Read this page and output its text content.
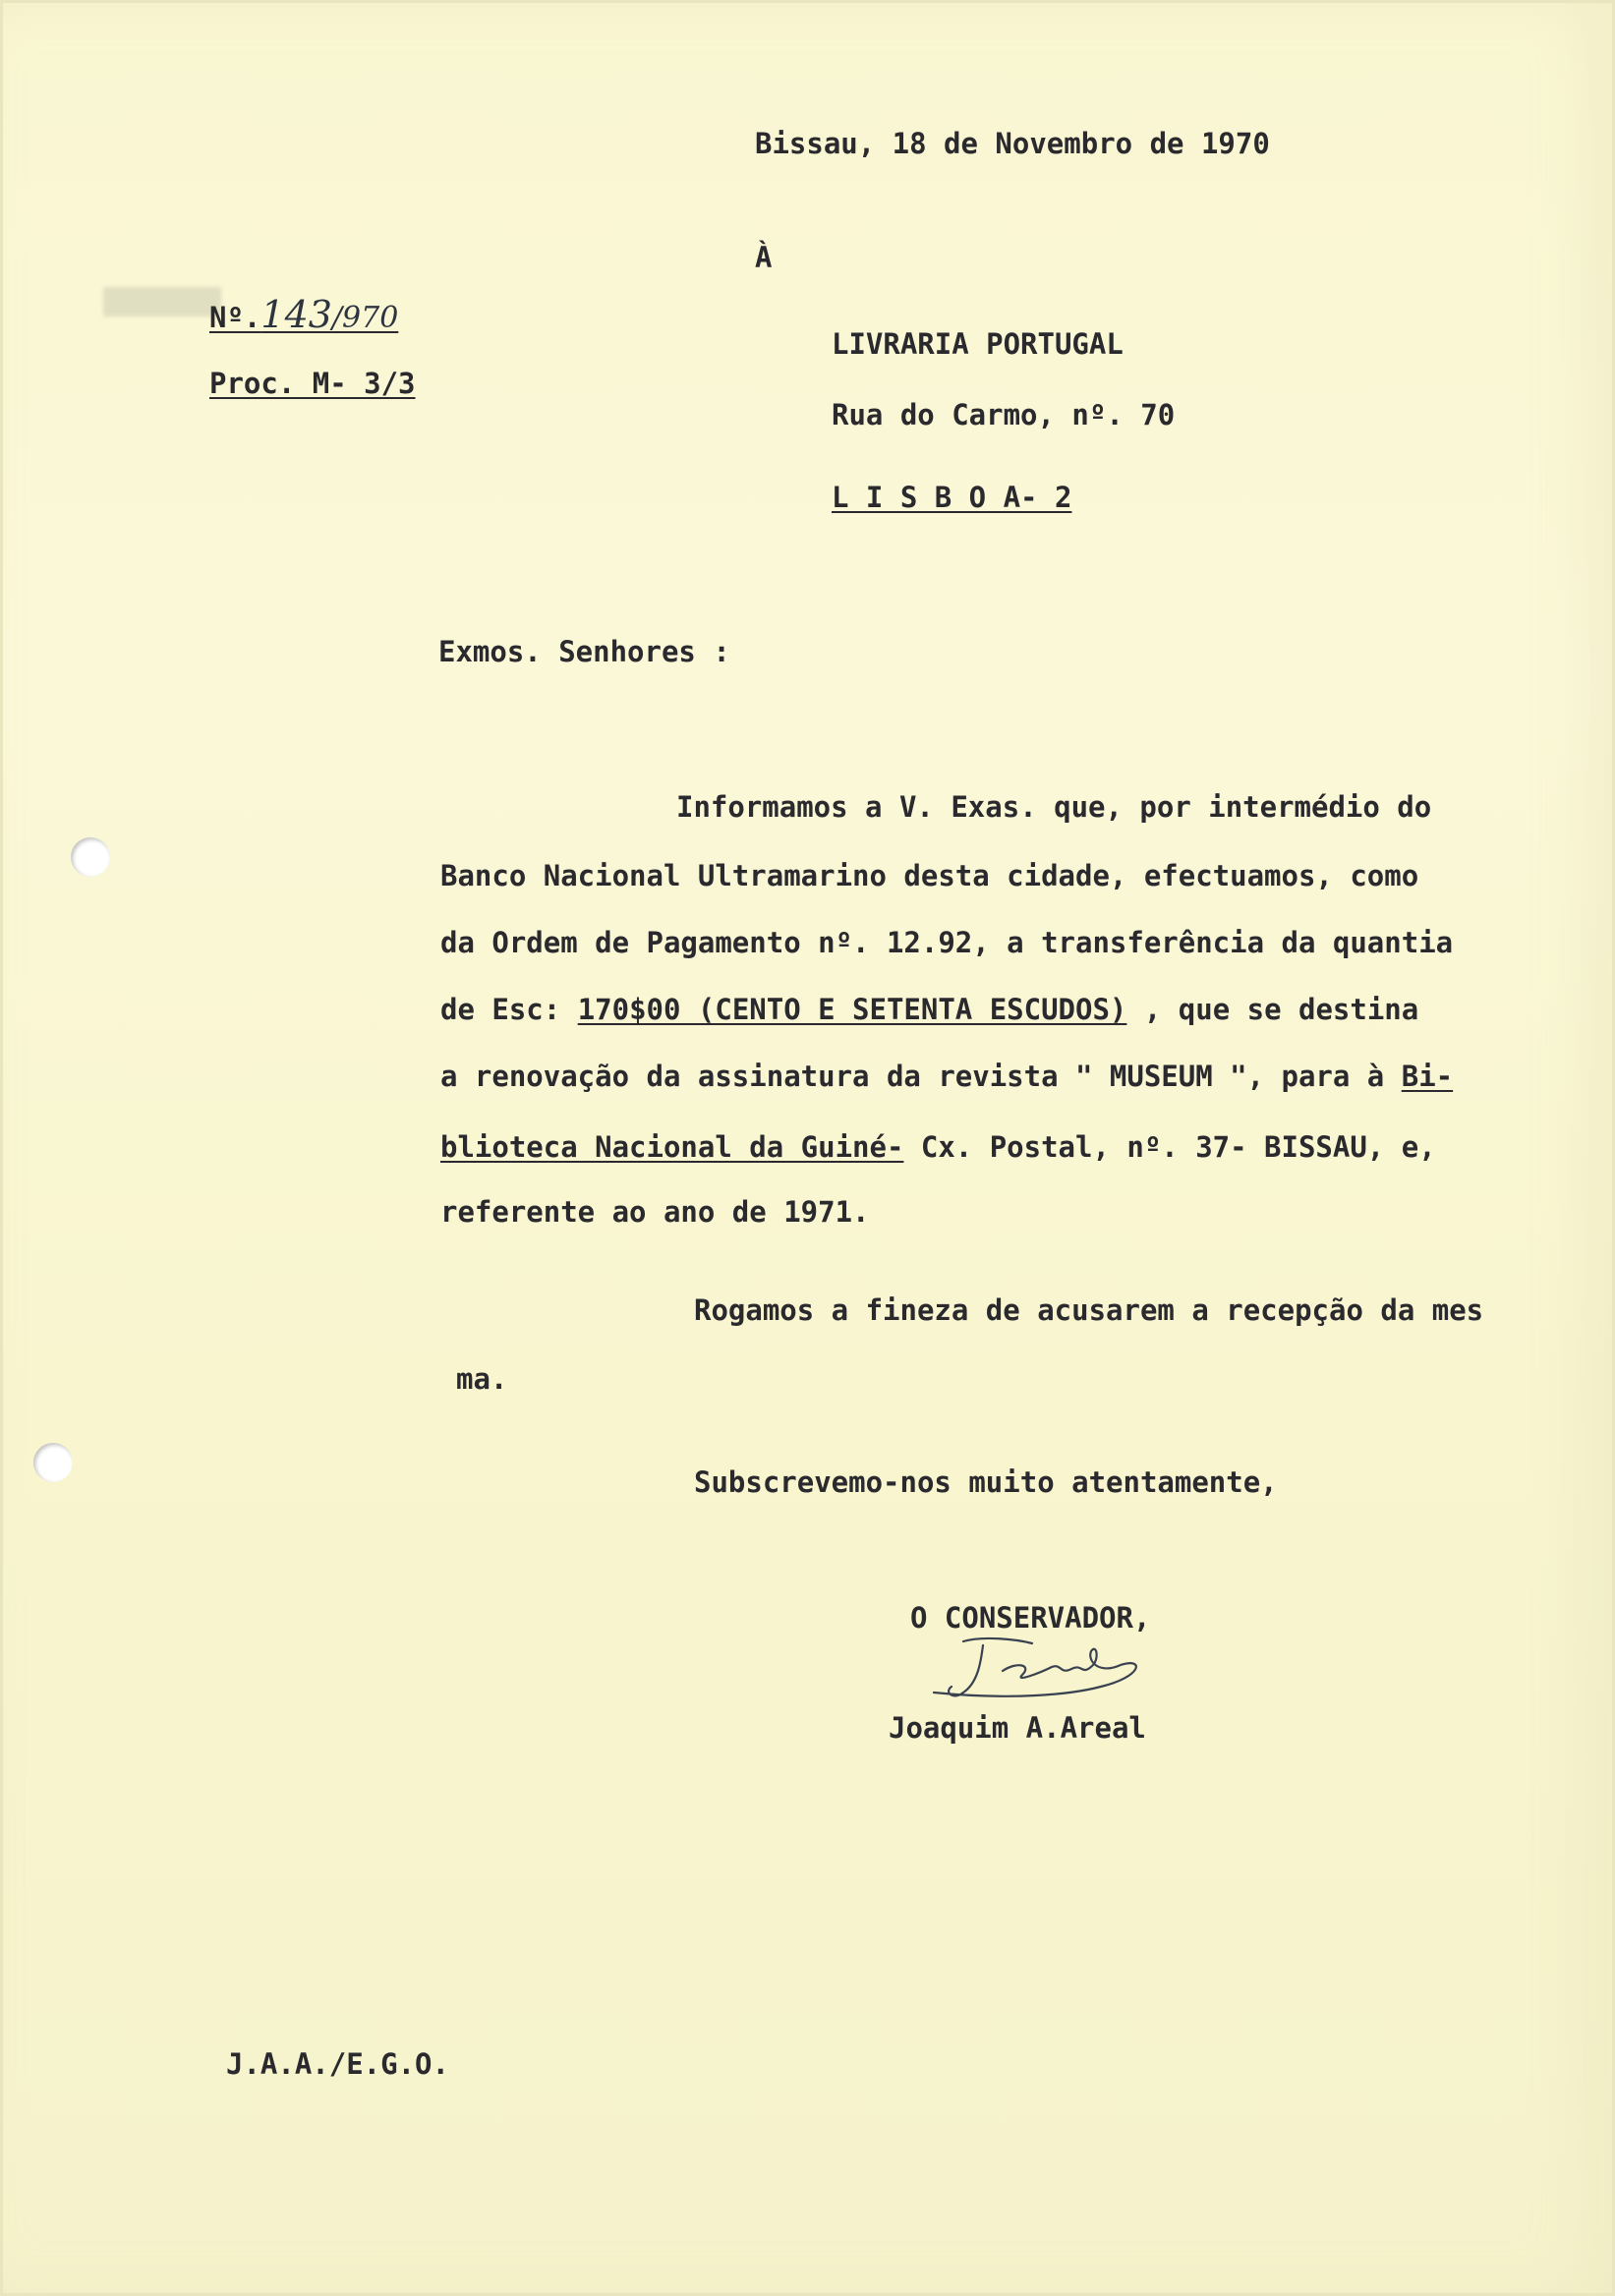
Bissau, 18 de Novembro de 1970

À

Nº.143/970

Proc. M- 3/3

LIVRARIA PORTUGAL

Rua do Carmo, nº. 70

L I S B O A- 2

Exmos. Senhores :

Informamos a V. Exas. que, por intermédio do

Banco Nacional Ultramarino desta cidade, efectuamos, como

da Ordem de Pagamento nº. 12.92, a transferência da quantia

de Esc: 170$00 (CENTO E SETENTA ESCUDOS) , que se destina

a renovação da assinatura da revista " MUSEUM ", para à Bi-

blioteca Nacional da Guiné- Cx. Postal, nº. 37- BISSAU, e,

referente ao ano de 1971.

Rogamos a fineza de acusarem a recepção da mes

ma.

Subscrevemo-nos muito atentamente,

O CONSERVADOR,

Joaquim A.Areal

J.A.A./E.G.O.
